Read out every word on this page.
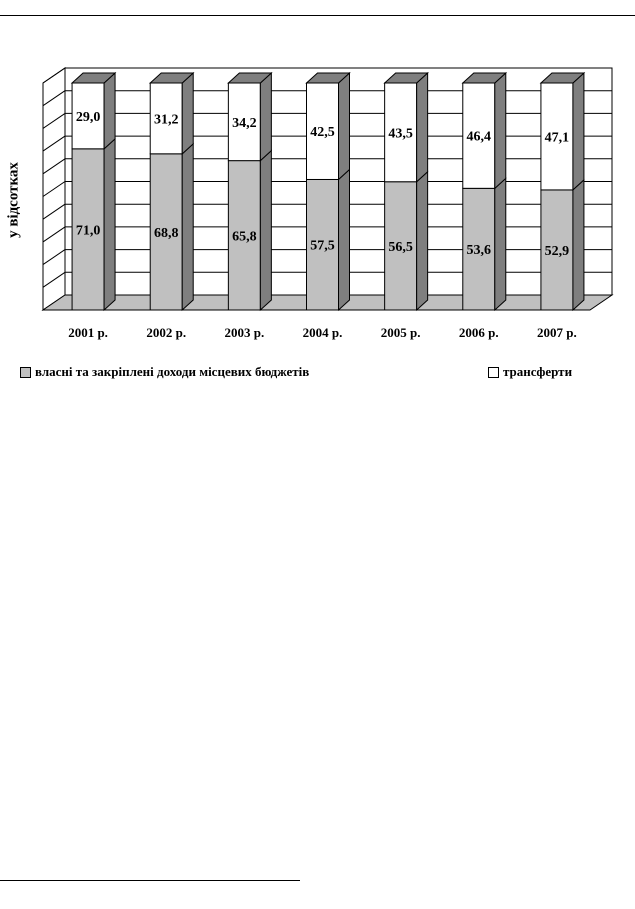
71,0
29,0
2001 р.
68,8
31,2
2002 р.
65,8
34,2
2003 р.
57,5
42,5
2004 р.
56,5
43,5
2005 р.
53,6
46,4
2006 р.
52,9
47,1
2007 р.
у відсотках
власні та закріплені доходи місцевих бюджетів	трансферти
